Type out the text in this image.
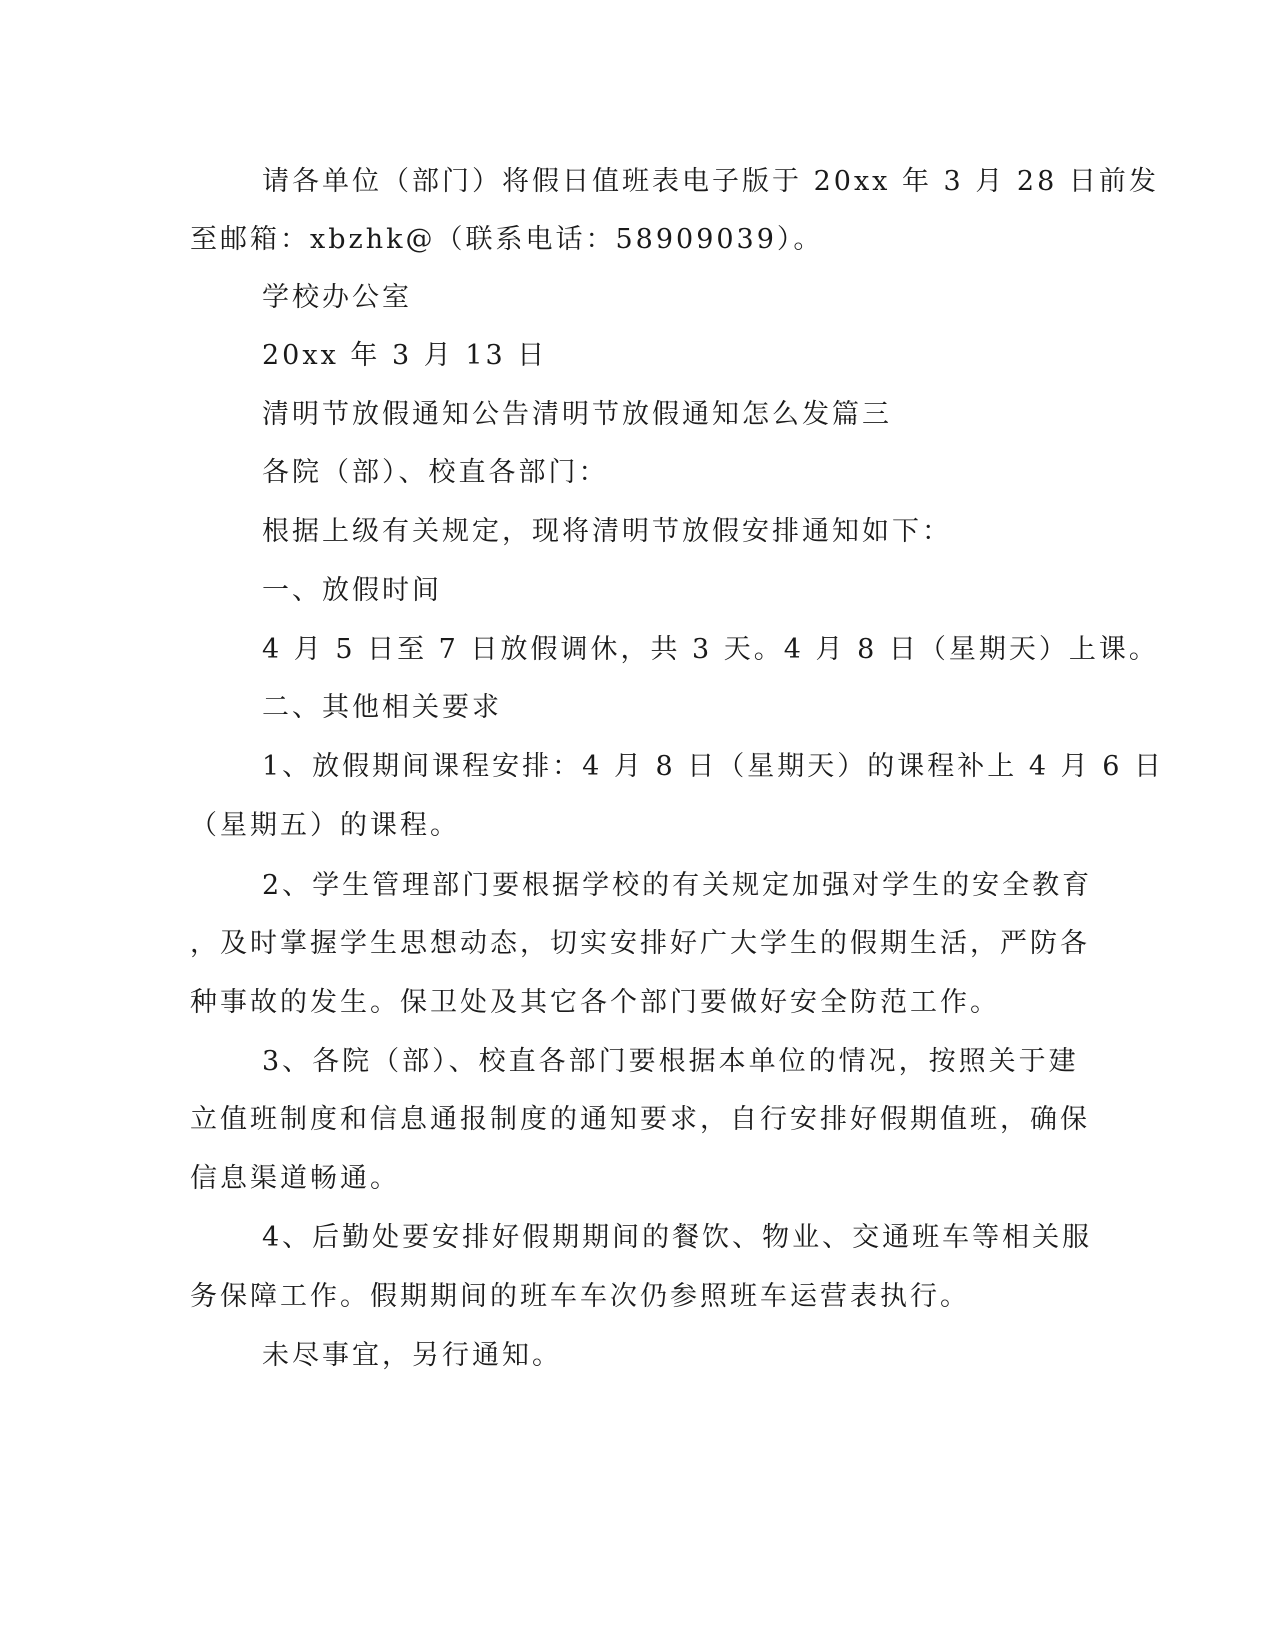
请各单位（部门）将假日值班表电子版于 20xx 年 3 月 28 日前发
至邮箱：xbzhk@（联系电话：58909039）。
学校办公室
20xx 年 3 月 13 日
清明节放假通知公告清明节放假通知怎么发篇三
各院（部）、校直各部门：
根据上级有关规定，现将清明节放假安排通知如下：
一、放假时间
4 月 5 日至 7 日放假调休，共 3 天。4 月 8 日（星期天）上课。
二、其他相关要求
1、放假期间课程安排：4 月 8 日（星期天）的课程补上 4 月 6 日
（星期五）的课程。
2、学生管理部门要根据学校的有关规定加强对学生的安全教育
，及时掌握学生思想动态，切实安排好广大学生的假期生活，严防各
种事故的发生。保卫处及其它各个部门要做好安全防范工作。
3、各院（部）、校直各部门要根据本单位的情况，按照关于建
立值班制度和信息通报制度的通知要求，自行安排好假期值班，确保
信息渠道畅通。
4、后勤处要安排好假期期间的餐饮、物业、交通班车等相关服
务保障工作。假期期间的班车车次仍参照班车运营表执行。
未尽事宜，另行通知。
